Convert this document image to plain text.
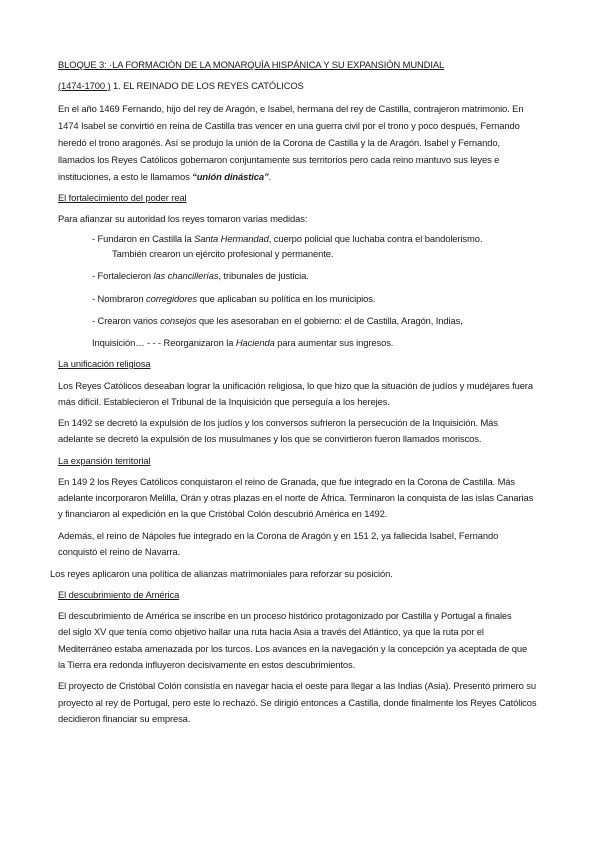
BLOQUE 3: ·LA FORMACIÓN DE LA MONARQUÍA HISPÁNICA Y SU EXPANSIÓN MUNDIAL
(1474-1700 ) 1. EL REINADO DE LOS REYES CATÓLICOS
En el año 1469 Fernando, hijo del rey de Aragón, e Isabel, hermana del rey de Castilla, contrajeron matrimonio. En
1474 Isabel se convirtió en reina de Castilla tras vencer en una guerra civil por el trono y poco después, Fernando
heredó el trono aragonés. Así se produjo la unión de la Corona de Castilla y la de Aragón. Isabel y Fernando,
llamados los Reyes Católicos gobernaron conjuntamente sus territorios pero cada reino mantuvo sus leyes e
instituciones, a esto le llamamos “unión dinástica”.
El fortalecimiento del poder real
Para afianzar su autoridad los reyes tomaron varias medidas:
- Fundaron en Castilla la Santa Hermandad, cuerpo policial que luchaba contra el bandolerismo.
También crearon un ejército profesional y permanente.
- Fortalecieron las chancillerías, tribunales de justicia.
- Nombraron corregidores que aplicaban su política en los municipios.
- Crearon varios consejos que les asesoraban en el gobierno: el de Castilla, Aragón, Indias,
Inquisición… - - - Reorganizaron la Hacienda para aumentar sus ingresos.
La unificación religiosa
Los Reyes Católicos deseaban lograr la unificación religiosa, lo que hizo que la situación de judíos y mudéjares fuera
más difícil. Establecieron el Tribunal de la Inquisición que perseguía a los herejes.
En 1492 se decretó la expulsión de los judíos y los conversos sufrieron la persecución de la Inquisición. Más
adelante se decretó la expulsión de los musulmanes y los que se convirtieron fueron llamados moriscos.
La expansión territorial
En 149 2 los Reyes Católicos conquistaron el reino de Granada, que fue integrado en la Corona de Castilla. Más
adelante incorporaron Melilla, Orán y otras plazas en el norte de África. Terminaron la conquista de las islas Canarias
y financiaron al expedición en la que Cristóbal Colón descubrió América en 1492.
Además, el reino de Nápoles fue integrado en la Corona de Aragón y en 151 2, ya fallecida Isabel, Fernando
conquistó el reino de Navarra.
Los reyes aplicaron una política de alianzas matrimoniales para reforzar su posición.
El descubrimiento de América
El descubrimiento de América se inscribe en un proceso histórico protagonizado por Castilla y Portugal a finales
del siglo XV que tenía como objetivo hallar una ruta hacia Asia a través del Atlántico, ya que la ruta por el
Mediterráneo estaba amenazada por los turcos. Los avances en la navegación y la concepción ya aceptada de que
la Tierra era redonda influyeron decisivamente en estos descubrimientos.
El proyecto de Cristóbal Colón consistía en navegar hacia el oeste para llegar a las Indias (Asia). Presentó primero su
proyecto al rey de Portugal, pero este lo rechazó. Se dirigió entonces a Castilla, donde finalmente los Reyes Católicos
decidieron financiar su empresa.
